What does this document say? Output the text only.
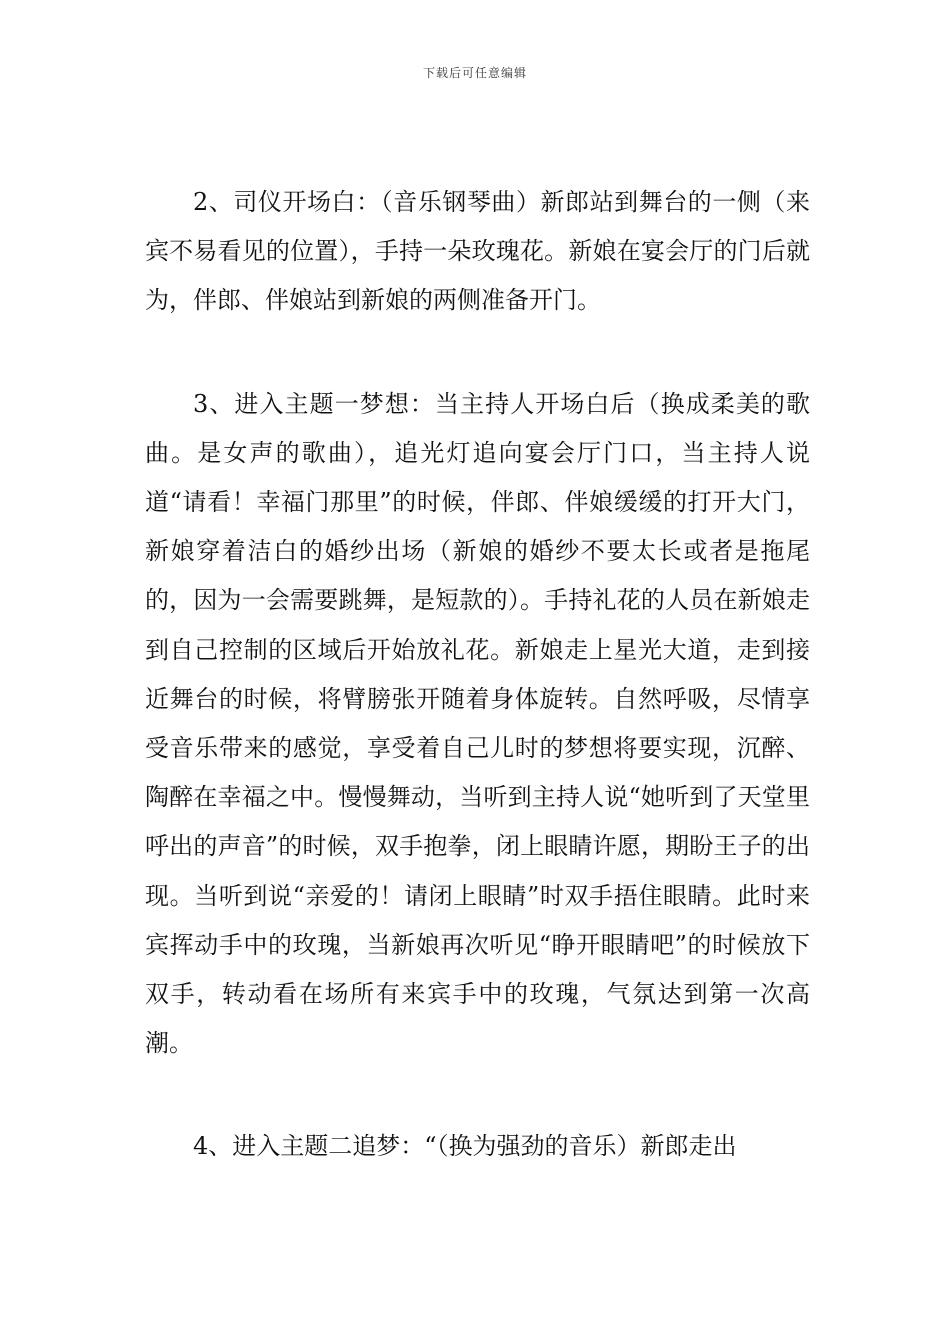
下载后可任意编辑

2、司仪开场白：（音乐钢琴曲）新郎站到舞台的一侧（来宾不易看见的位置），手持一朵玫瑰花。新娘在宴会厅的门后就为，伴郎、伴娘站到新娘的两侧准备开门。

3、进入主题一梦想：当主持人开场白后（换成柔美的歌曲。是女声的歌曲），追光灯追向宴会厅门口，当主持人说道“请看！幸福门那里”的时候，伴郎、伴娘缓缓的打开大门，新娘穿着洁白的婚纱出场（新娘的婚纱不要太长或者是拖尾的，因为一会需要跳舞，是短款的）。手持礼花的人员在新娘走到自己控制的区域后开始放礼花。新娘走上星光大道，走到接近舞台的时候，将臂膀张开随着身体旋转。自然呼吸，尽情享受音乐带来的感觉，享受着自己儿时的梦想将要实现，沉醉、陶醉在幸福之中。慢慢舞动，当听到主持人说“她听到了天堂里呼出的声音”的时候，双手抱拳，闭上眼睛许愿，期盼王子的出现。当听到说“亲爱的！请闭上眼睛”时双手捂住眼睛。此时来宾挥动手中的玫瑰，当新娘再次听见“睁开眼睛吧”的时候放下双手，转动看在场所有来宾手中的玫瑰，气氛达到第一次高潮。

4、进入主题二追梦：“（换为强劲的音乐）新郎走出
